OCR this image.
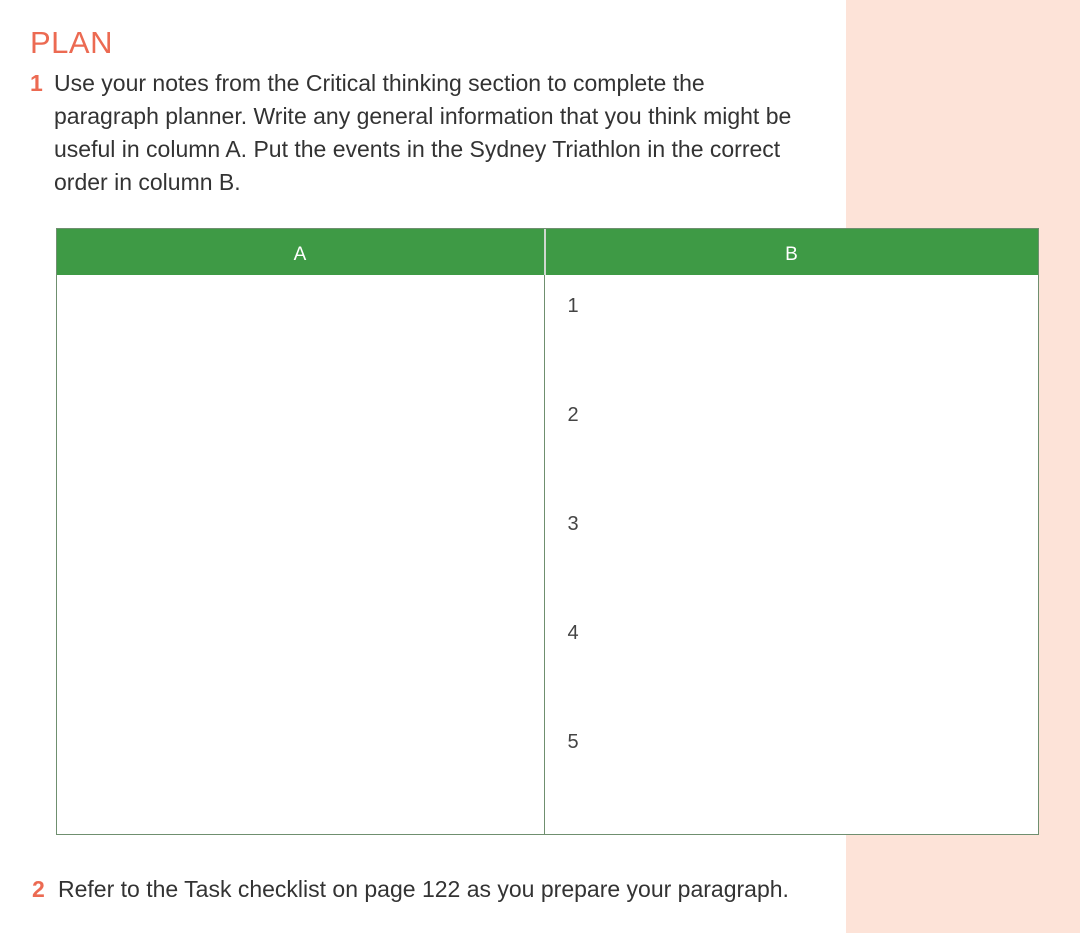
PLAN
1 Use your notes from the Critical thinking section to complete the
paragraph planner. Write any general information that you think might be
useful in column A. Put the events in the Sydney Triathlon in the correct
order in column B.
A	B
1
2
3
4
5
2 Refer to the Task checklist on page 122 as you prepare your paragraph.
